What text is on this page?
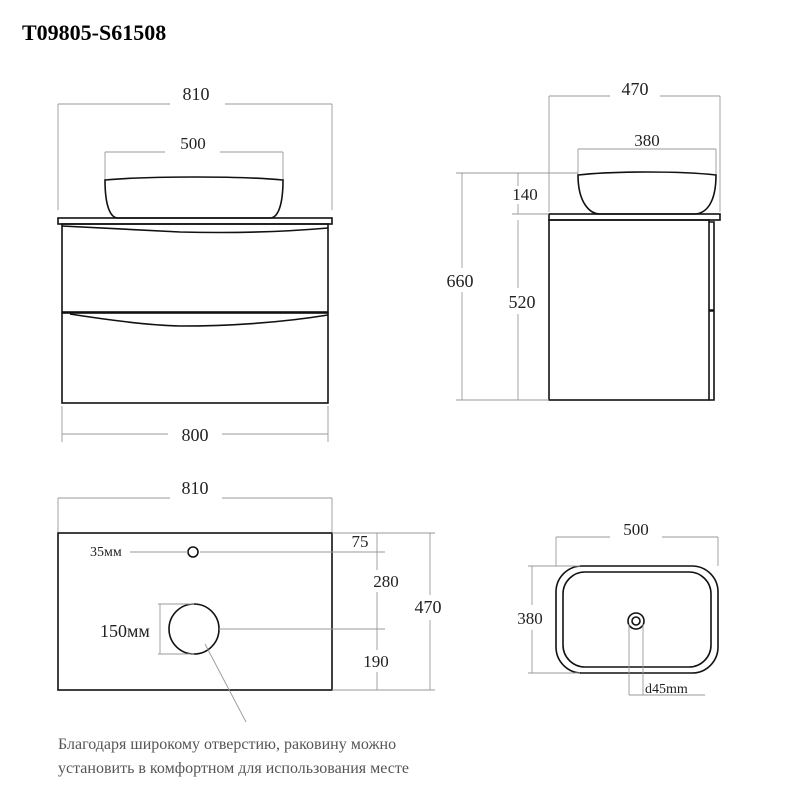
T09805-S61508
810
500
800
470
380
660
140
520
810
35мм
150мм
75
280
190
470
500
380
d45mm
Благодаря широкому отверстию, раковину можно
установить в комфортном для использования месте
